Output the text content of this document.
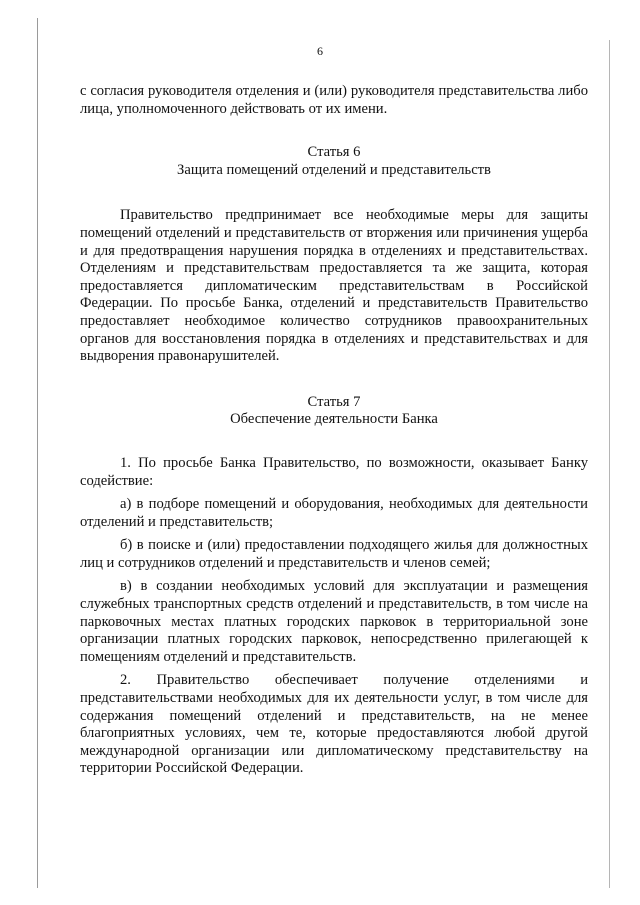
6

с согласия руководителя отделения и (или) руководителя представительства либо лица, уполномоченного действовать от их имени.

Статья 6

Защита помещений отделений и представительств

Правительство предпринимает все необходимые меры для защиты помещений отделений и представительств от вторжения или причинения ущерба и для предотвращения нарушения порядка в отделениях и представительствах. Отделениям и представительствам предоставляется та же защита, которая предоставляется дипломатическим представительствам в Российской Федерации. По просьбе Банка, отделений и представительств Правительство предоставляет необходимое количество сотрудников правоохранительных органов для восстановления порядка в отделениях и представительствах и для выдворения правонарушителей.

Статья 7

Обеспечение деятельности Банка

1. По просьбе Банка Правительство, по возможности, оказывает Банку содействие:

а) в подборе помещений и оборудования, необходимых для деятельности отделений и представительств;

б) в поиске и (или) предоставлении подходящего жилья для должностных лиц и сотрудников отделений и представительств и членов семей;

в) в создании необходимых условий для эксплуатации и размещения служебных транспортных средств отделений и представительств, в том числе на парковочных местах платных городских парковок в территориальной зоне организации платных городских парковок, непосредственно прилегающей к помещениям отделений и представительств.

2. Правительство обеспечивает получение отделениями и представительствами необходимых для их деятельности услуг, в том числе для содержания помещений отделений и представительств, на не менее благоприятных условиях, чем те, которые предоставляются любой другой международной организации или дипломатическому представительству на территории Российской Федерации.
